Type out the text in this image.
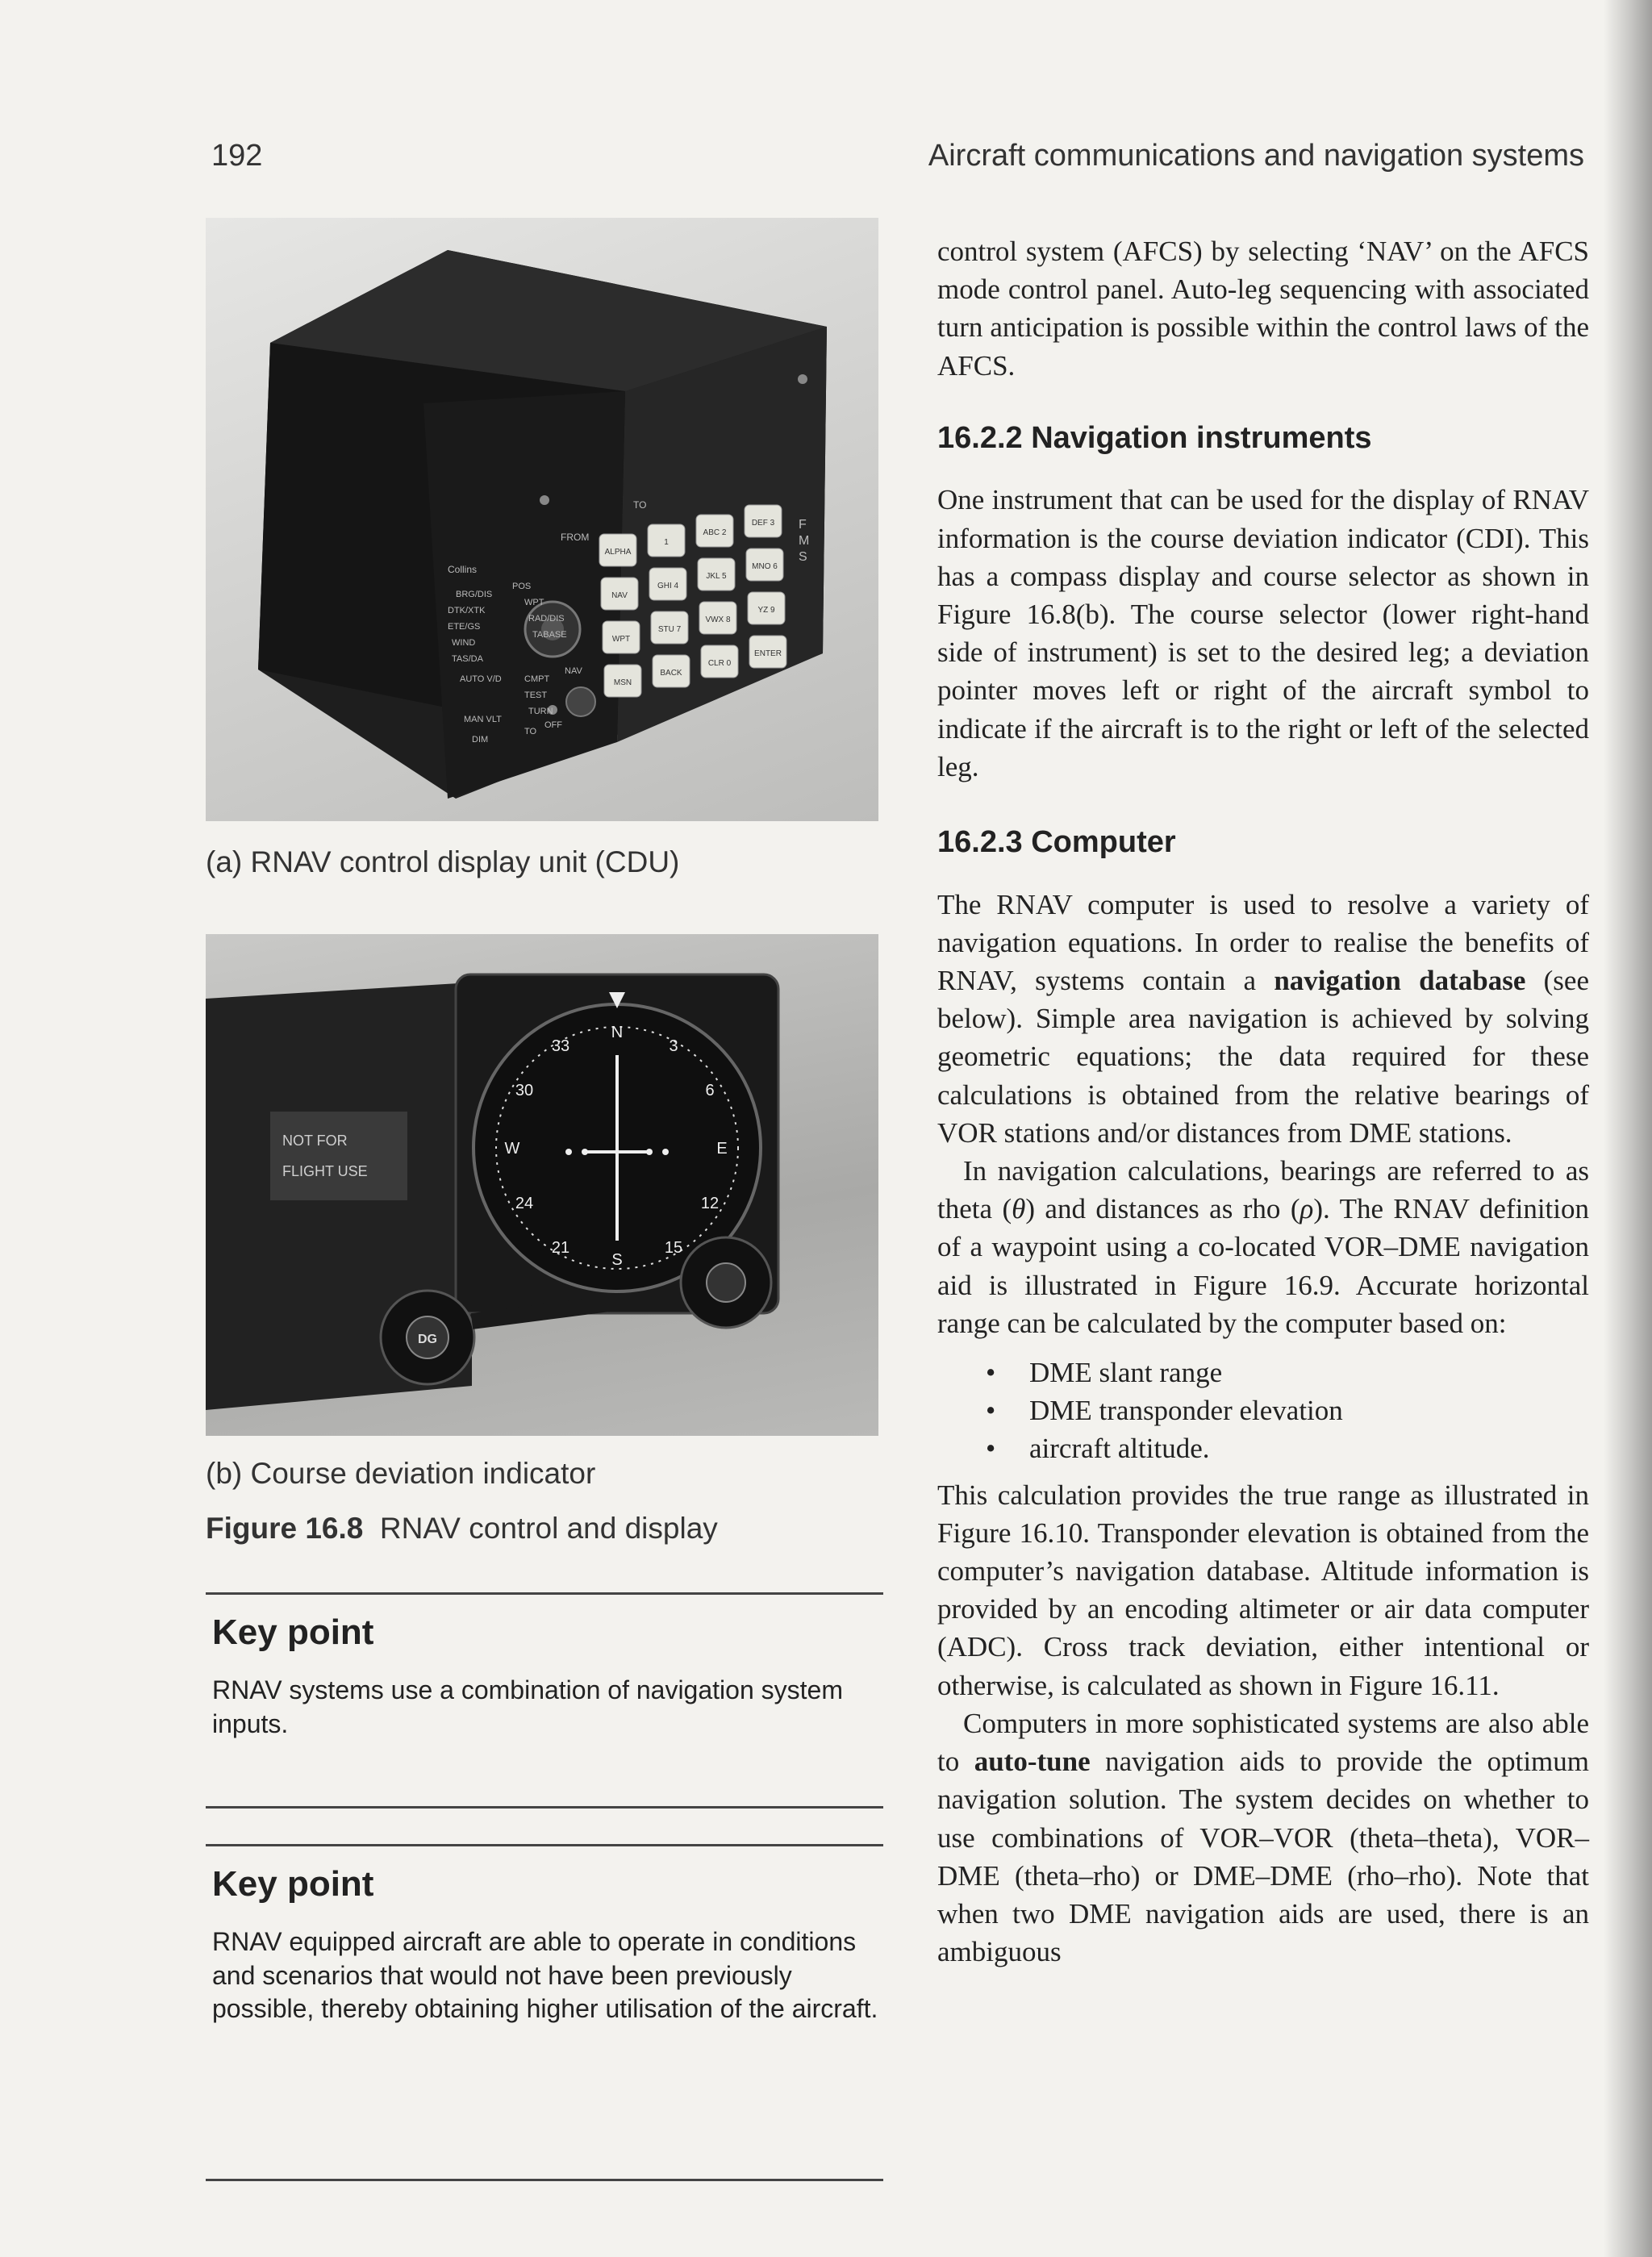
192	Aircraft communications and navigation systems
Collins
FROM
TO
F
M
S
BRG/DIS
POS
DTK/XTK
WPT
ETE/GS
RAD/DIS
WIND
TABASE
TAS/DA
AUTO V/D	CMPT
NAV
TEST
MAN VLT
TURN
DIM
TO
OFF
ALPHA
1
ABC 2
DEF 3
NAV
GHI 4
JKL 5
MNO 6
WPT
STU 7
VWX 8
YZ 9
MSN
BACK
CLR 0
ENTER
(a) RNAV control display unit (CDU)
NOT FOR
FLIGHT USE
3
6
E
12
15
S
21
24
W
30
33
N
DG
(b) Course deviation indicator
Figure 16.8 RNAV control and display
Key point

RNAV systems use a combination of navigation system inputs.

Key point

RNAV equipped aircraft are able to operate in conditions and scenarios that would not have been previously possible, thereby obtaining higher utilisation of the aircraft.

control system (AFCS) by selecting ‘NAV’ on the AFCS mode control panel. Auto-leg sequencing with associated turn anticipation is possible within the control laws of the AFCS.

16.2.2 Navigation instruments

One instrument that can be used for the display of RNAV information is the course deviation indicator (CDI). This has a compass display and course selector as shown in Figure 16.8(b). The course selector (lower right-hand side of instrument) is set to the desired leg; a deviation pointer moves left or right of the aircraft symbol to indicate if the aircraft is to the right or left of the selected leg.

16.2.3 Computer

The RNAV computer is used to resolve a variety of navigation equations. In order to realise the benefits of RNAV, systems contain a navigation database (see below). Simple area navigation is achieved by solving geometric equations; the data required for these calculations is obtained from the relative bearings of VOR stations and/or distances from DME stations.

In navigation calculations, bearings are referred to as theta (θ) and distances as rho (ρ). The RNAV definition of a waypoint using a co-located VOR–DME navigation aid is illustrated in Figure 16.9. Accurate horizontal range can be calculated by the computer based on:

• DME slant range
• DME transponder elevation
• aircraft altitude.

This calculation provides the true range as illustrated in Figure 16.10. Transponder elevation is obtained from the computer’s navigation database. Altitude information is provided by an encoding altimeter or air data computer (ADC). Cross track deviation, either intentional or otherwise, is calculated as shown in Figure 16.11.

Computers in more sophisticated systems are also able to auto-tune navigation aids to provide the optimum navigation solution. The system decides on whether to use combinations of VOR–VOR (theta–theta), VOR–DME (theta–rho) or DME–DME (rho–rho). Note that when two DME navigation aids are used, there is an ambiguous
